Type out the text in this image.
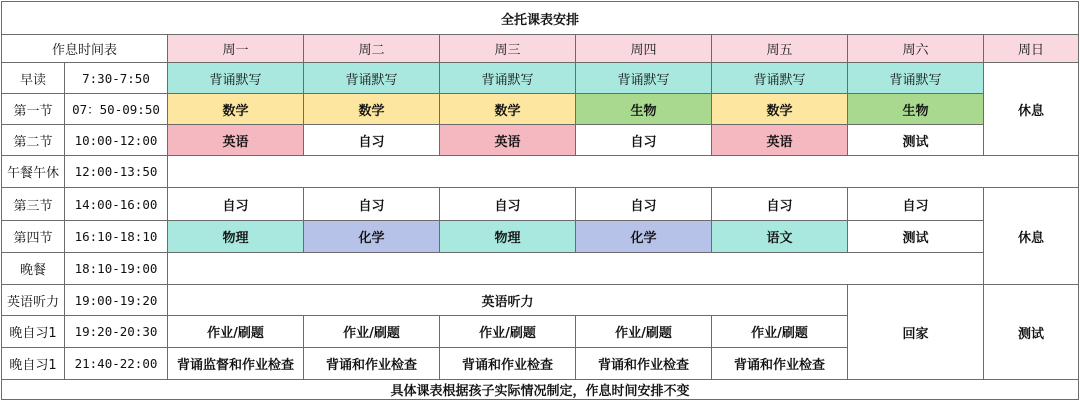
全托课表安排								
作息时间表		周一	周二	周三	周四	周五	周六	周日
早读	7:30-7:50	背诵默写	背诵默写	背诵默写	背诵默写	背诵默写	背诵默写	休息
第一节	07：50-09:50	数学	数学	数学	生物	数学	生物	
第二节	10:00-12:00	英语	自习	英语	自习	英语	测试	
午餐午休	12:00-13:50							
第三节	14:00-16:00	自习	自习	自习	自习	自习	自习	休息
第四节	16:10-18:10	物理	化学	物理	化学	语文	测试	
晚餐	18:10-19:00							
英语听力	19:00-19:20	英语听力					回家	测试
晚自习1	19:20-20:30	作业/刷题	作业/刷题	作业/刷题	作业/刷题	作业/刷题		
晚自习1	21:40-22:00	背诵监督和作业检查	背诵和作业检查	背诵和作业检查	背诵和作业检查	背诵和作业检查		
具体课表根据孩子实际情况制定，作息时间安排不变								
